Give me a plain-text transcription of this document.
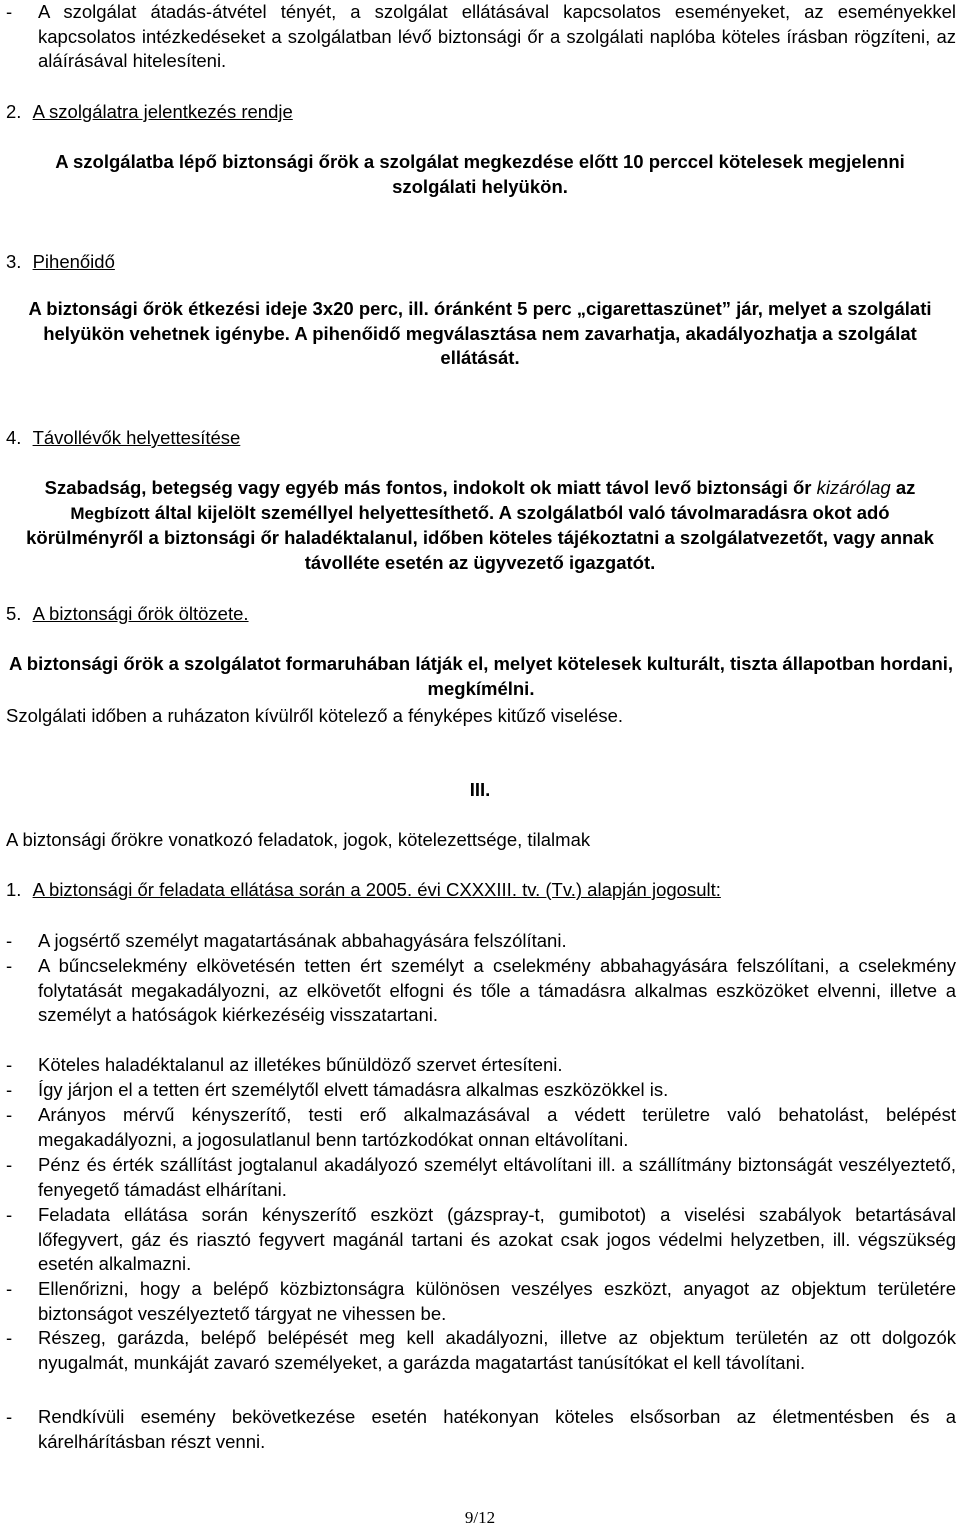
-	A szolgálat átadás-átvétel tényét, a szolgálat ellátásával kapcsolatos eseményeket, az eseményekkel kapcsolatos intézkedéseket a szolgálatban lévő biztonsági őr a szolgálati naplóba köteles írásban rögzíteni, az aláírásával hitelesíteni.
2. A szolgálatra jelentkezés rendje
A szolgálatba lépő biztonsági őrök a szolgálat megkezdése előtt 10 perccel kötelesek megjelenni szolgálati helyükön.
3. Pihenőidő
A biztonsági őrök étkezési ideje 3x20 perc, ill. óránként 5 perc „cigarettaszünet” jár, melyet a szolgálati helyükön vehetnek igénybe. A pihenőidő megválasztása nem zavarhatja, akadályozhatja a szolgálat ellátását.
4. Távollévők helyettesítése
Szabadság, betegség vagy egyéb más fontos, indokolt ok miatt távol levő biztonsági őr kizárólag az Megbízott által kijelölt személlyel helyettesíthető. A szolgálatból való távolmaradásra okot adó körülményről a biztonsági őr haladéktalanul, időben köteles tájékoztatni a szolgálatvezetőt, vagy annak távolléte esetén az ügyvezető igazgatót.
5. A biztonsági őrök öltözete.
A biztonsági őrök a szolgálatot formaruhában látják el, melyet kötelesek kulturált, tiszta állapotban hordani, megkímélni.
Szolgálati időben a ruházaton kívülről kötelező a fényképes kitűző viselése.
III.
A biztonsági őrökre vonatkozó feladatok, jogok, kötelezettsége, tilalmak
1. A biztonsági őr feladata ellátása során a 2005. évi CXXXIII. tv. (Tv.) alapján jogosult:
-	A jogsértő személyt magatartásának abbahagyására felszólítani.
-	A bűncselekmény elkövetésén tetten ért személyt a cselekmény abbahagyására felszólítani, a cselekmény folytatását megakadályozni, az elkövetőt elfogni és tőle a támadásra alkalmas eszközöket elvenni, illetve a személyt a hatóságok kiérkezéséig visszatartani.
-	Köteles haladéktalanul az illetékes bűnüldöző szervet értesíteni.
-	Így járjon el a tetten ért személytől elvett támadásra alkalmas eszközökkel is.
-	Arányos mérvű kényszerítő, testi erő alkalmazásával a védett területre való behatolást, belépést megakadályozni, a jogosulatlanul benn tartózkodókat onnan eltávolítani.
-	Pénz és érték szállítást jogtalanul akadályozó személyt eltávolítani ill. a szállítmány biztonságát veszélyeztető, fenyegető támadást elhárítani.
-	Feladata ellátása során kényszerítő eszközt (gázspray-t, gumibotot) a viselési szabályok betartásával lőfegyvert, gáz és riasztó fegyvert magánál tartani és azokat csak jogos védelmi helyzetben, ill. végszükség esetén alkalmazni.
-	Ellenőrizni, hogy a belépő közbiztonságra különösen veszélyes eszközt, anyagot az objektum területére biztonságot veszélyeztető tárgyat ne vihessen be.
-	Részeg, garázda, belépő belépését meg kell akadályozni, illetve az objektum területén az ott dolgozók nyugalmát, munkáját zavaró személyeket, a garázda magatartást tanúsítókat el kell távolítani.
-	Rendkívüli esemény bekövetkezése esetén hatékonyan köteles elsősorban az életmentésben és a kárelhárításban részt venni.
9/12
